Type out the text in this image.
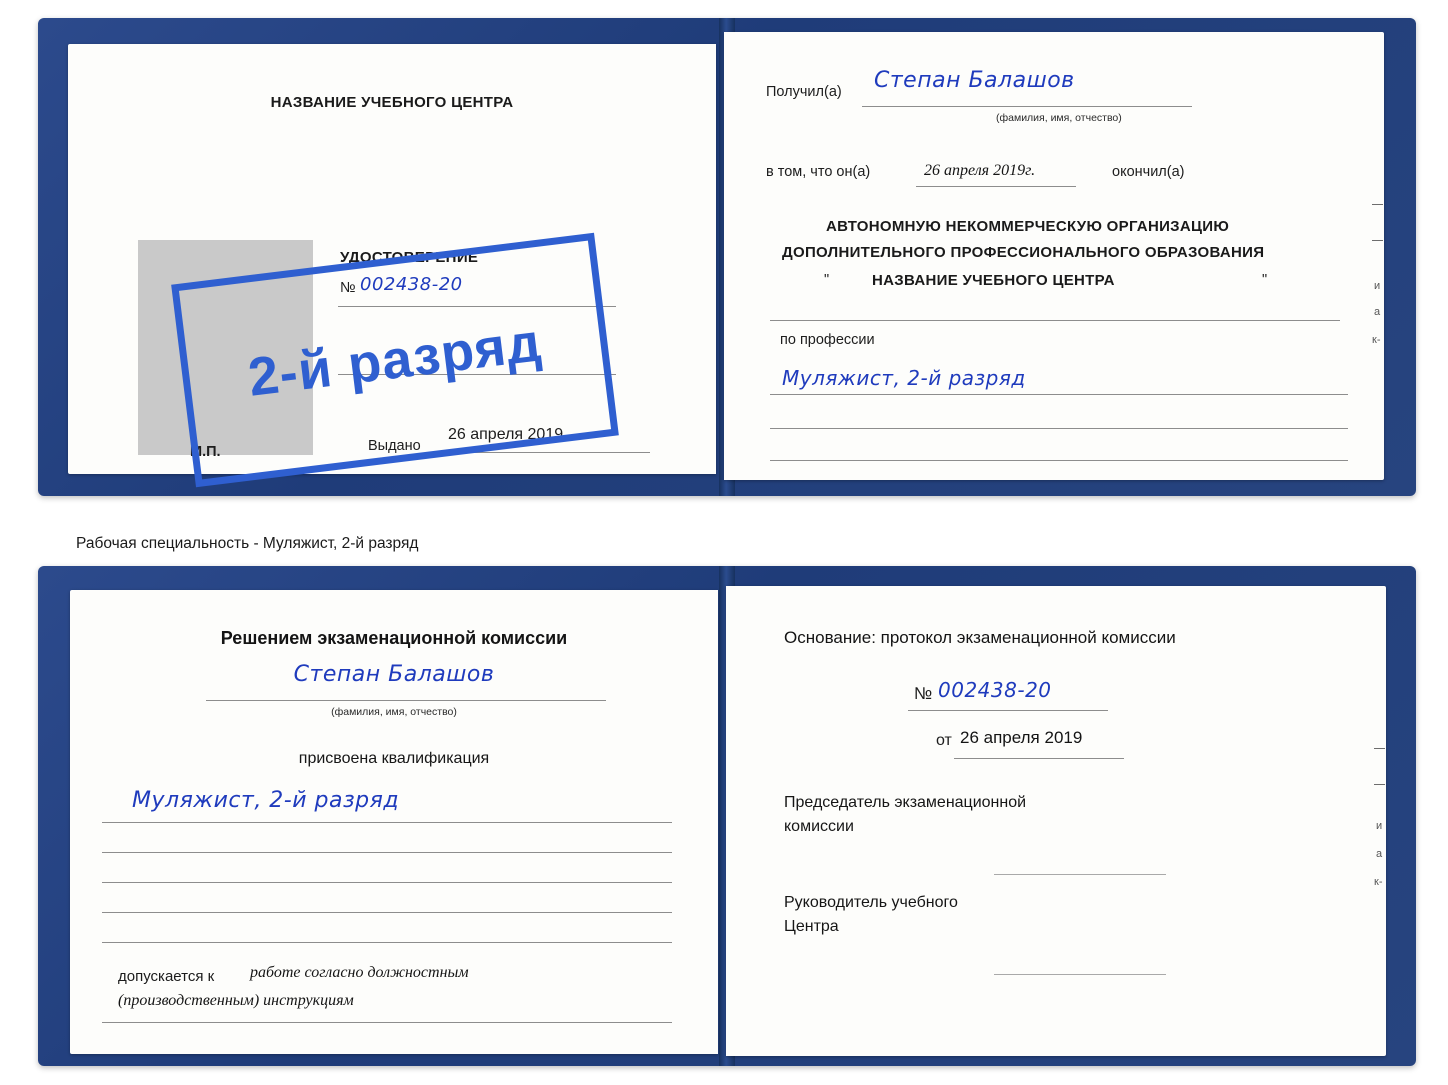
НАЗВАНИЕ УЧЕБНОГО ЦЕНТРА
УДОСТОВЕРЕНИЕ
№ 002438-20
Выдано
26 апреля 2019
М.П.
Получил(а) Степан Балашов
(фамилия, имя, отчество)
в том, что он(а)	26 апреля 2019г.	окончил(а)
АВТОНОМНУЮ НЕКОММЕРЧЕСКУЮ ОРГАНИЗАЦИЮ
ДОПОЛНИТЕЛЬНОГО ПРОФЕССИОНАЛЬНОГО ОБРАЗОВАНИЯ
"	НАЗВАНИЕ УЧЕБНОГО ЦЕНТРА	"
по профессии
Муляжист, 2-й разряд
и
а
к-
Рабочая специальность - Муляжист, 2-й разряд
2-й разряд
Решением экзаменационной комиссии
Степан Балашов
(фамилия, имя, отчество)
присвоена квалификация
Муляжист, 2-й разряд
допускается к работе согласно должностным
(производственным) инструкциям
Основание: протокол экзаменационной комиссии
№ 002438-20
от 26 апреля 2019
Председатель экзаменационной
комиссии
Руководитель учебного
Центра
и
а
к-
